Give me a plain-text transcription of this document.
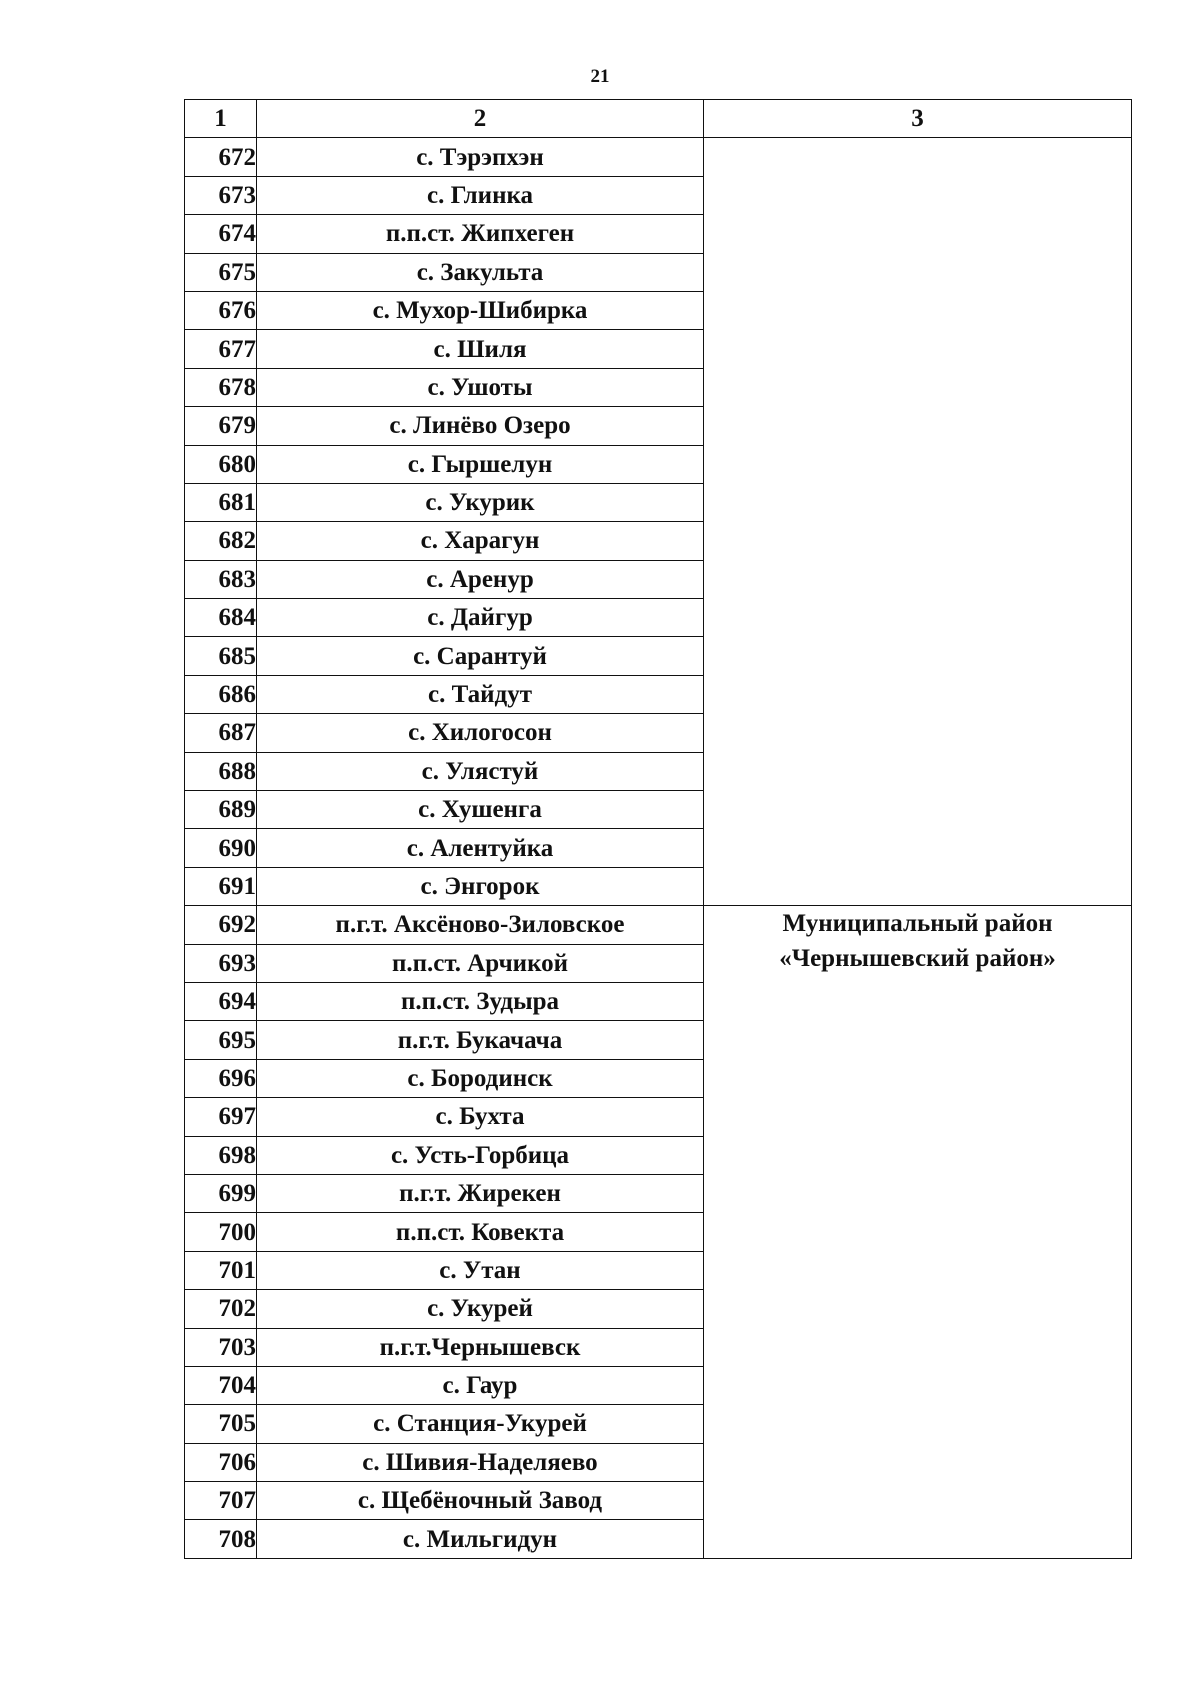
21
1	2	3
672	с. Тэрэпхэн	
673	с. Глинка	
674	п.п.ст. Жипхеген	
675	с. Закульта	
676	с. Мухор-Шибирка	
677	с. Шиля	
678	с. Ушоты	
679	с. Линёво Озеро	
680	с. Гыршелун	
681	с. Укурик	
682	с. Харагун	
683	с. Аренур	
684	с. Дайгур	
685	с. Сарантуй	
686	с. Тайдут	
687	с. Хилогосон	
688	с. Улястуй	
689	с. Хушенга	
690	с. Алентуйка	
691	с. Энгорок	
692	п.г.т. Аксёново-Зиловское	Муниципальный район
«Чернышевский район»

693	п.п.ст. Арчикой	
694	п.п.ст. Зудыра	
695	п.г.т. Букачача	
696	с. Бородинск	
697	с. Бухта	
698	с. Усть-Горбица	
699	п.г.т. Жирекен	
700	п.п.ст. Ковекта	
701	с. Утан	
702	с. Укурей	
703	п.г.т.Чернышевск	
704	с. Гаур	
705	с. Станция-Укурей	
706	с. Шивия-Наделяево	
707	с. Щебёночный Завод	
708	с. Мильгидун	
